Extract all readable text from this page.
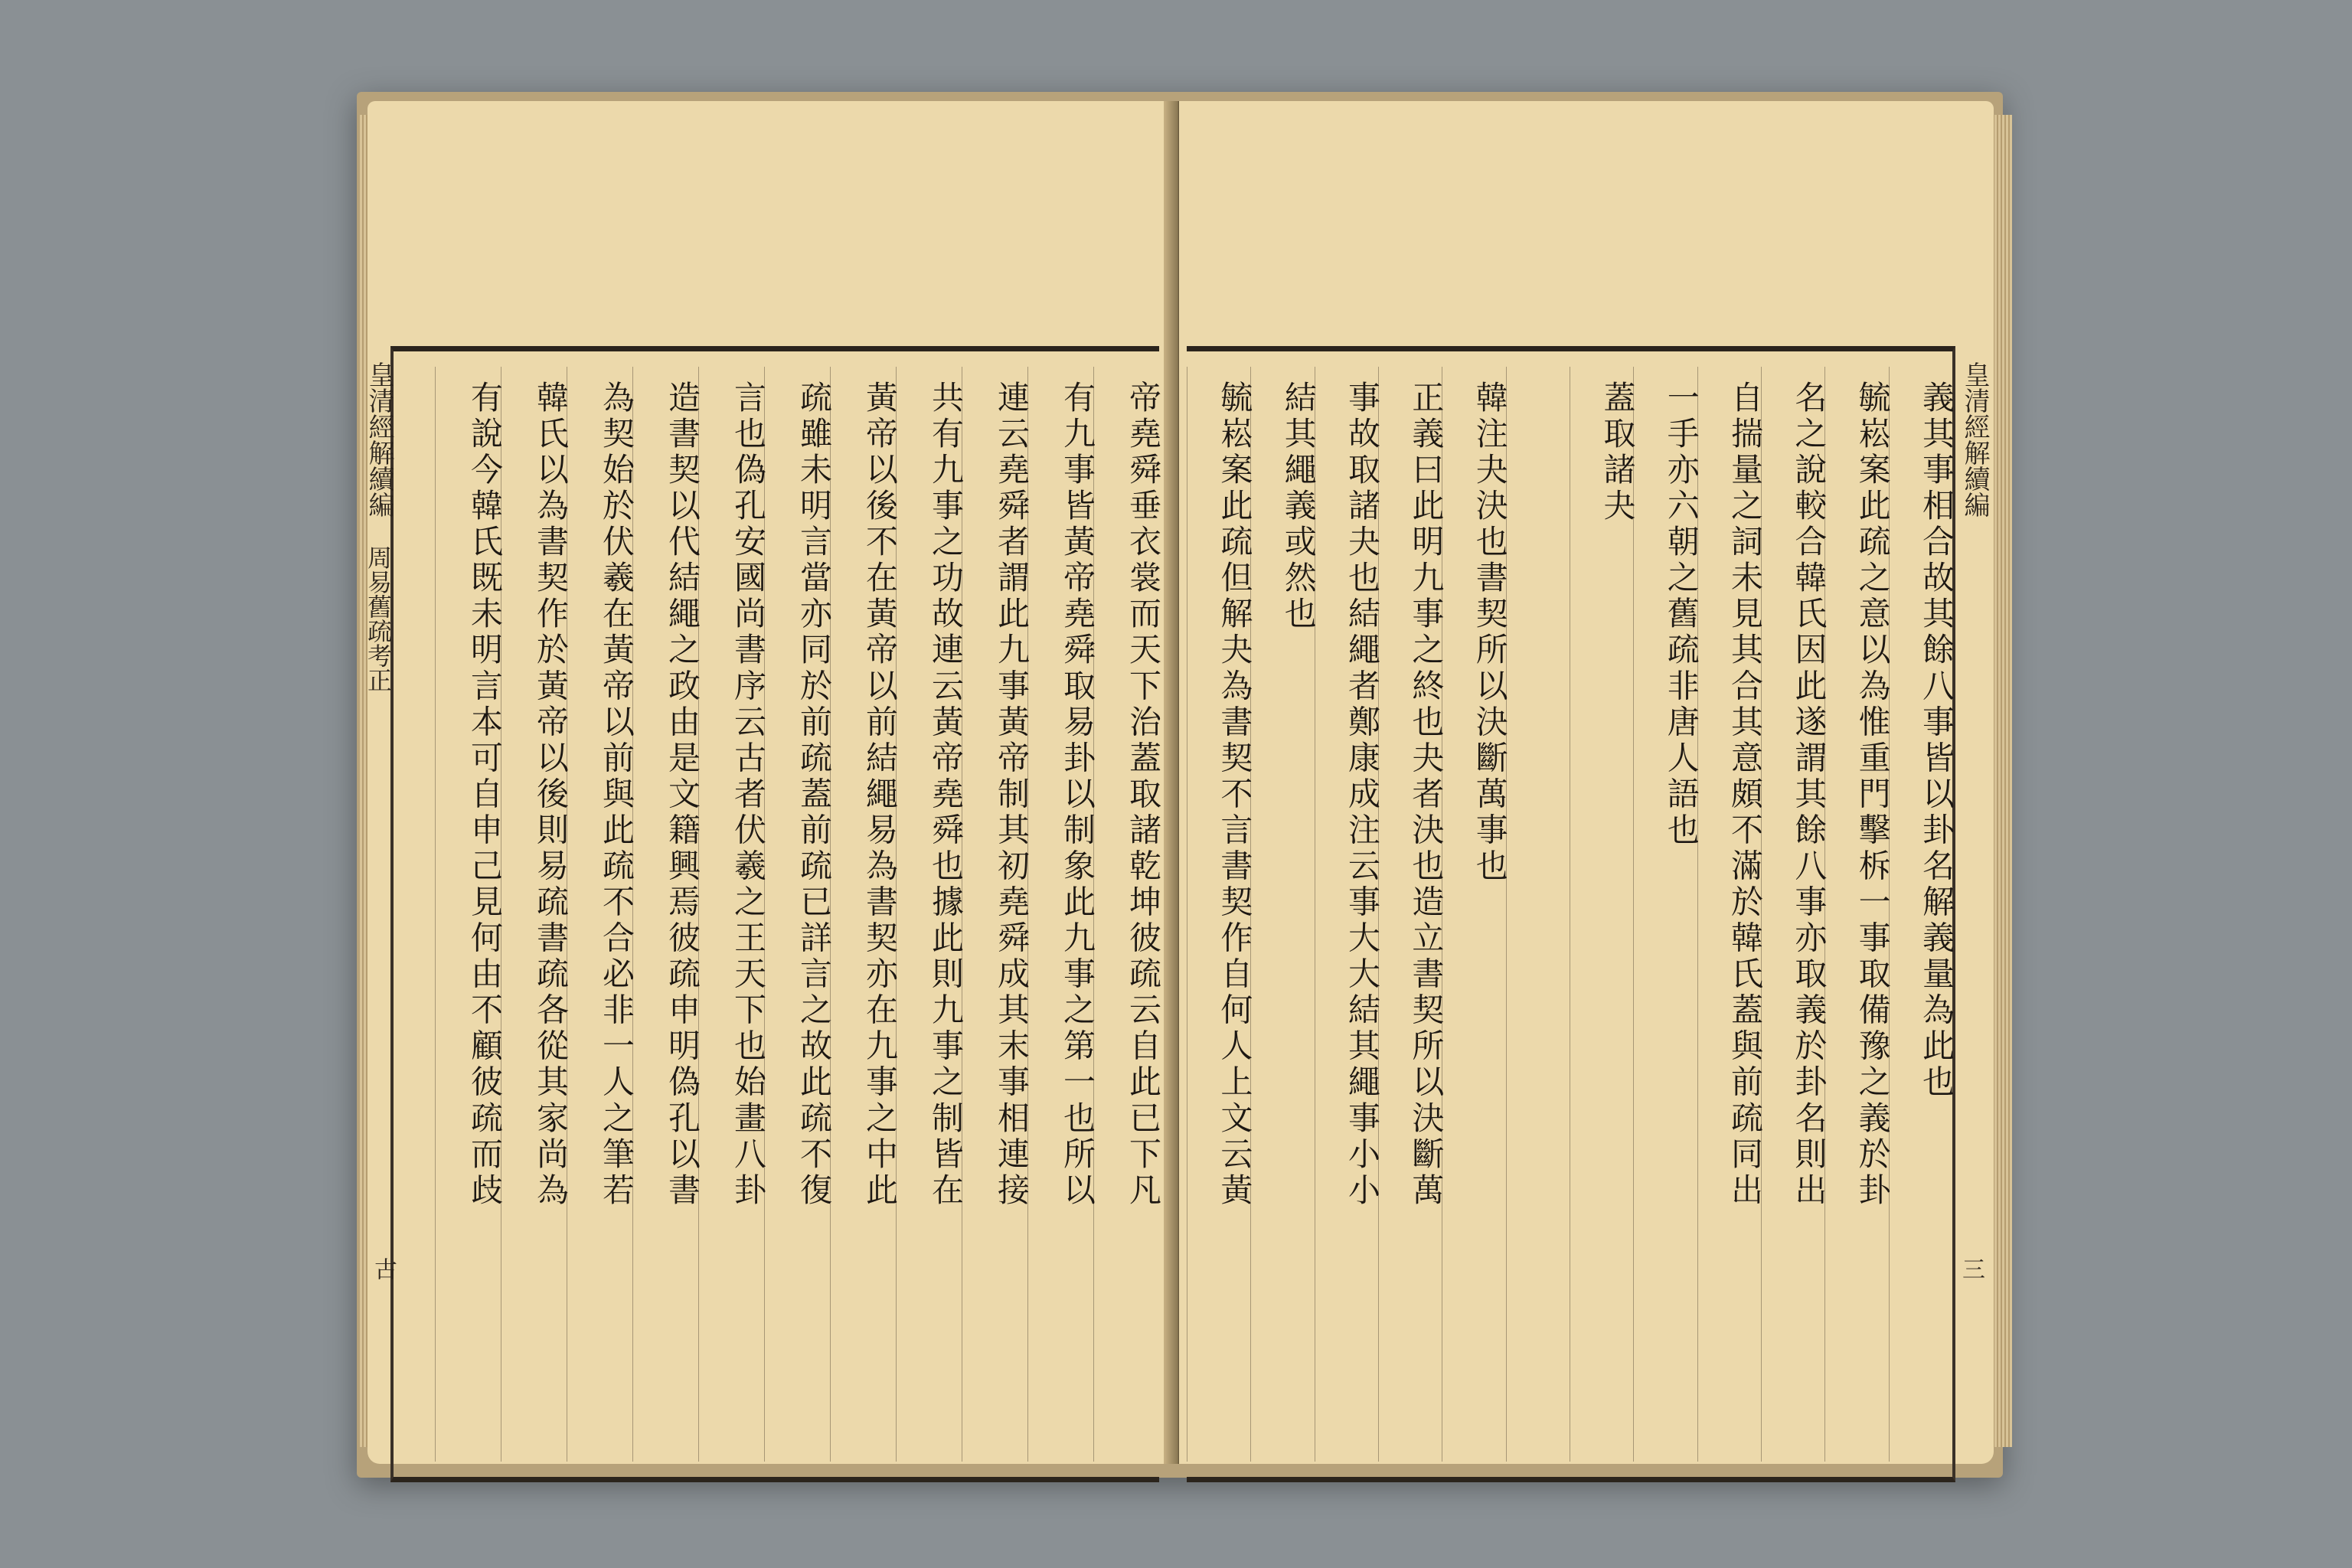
帝堯舜垂衣裳而天下治蓋取諸乾坤彼疏云自此已下凡
有九事皆黃帝堯舜取易卦以制象此九事之第一也所以
連云堯舜者謂此九事黃帝制其初堯舜成其末事相連接
共有九事之功故連云黃帝堯舜也據此則九事之制皆在
黃帝以後不在黃帝以前結繩易為書契亦在九事之中此
疏雖未明言當亦同於前疏蓋前疏已詳言之故此疏不復
言也偽孔安國尚書序云古者伏羲之王天下也始畫八卦
造書契以代結繩之政由是文籍興焉彼疏申明偽孔以書
為契始於伏羲在黃帝以前與此疏不合必非一人之筆若
韓氏以為書契作於黃帝以後則易疏書疏各從其家尚為
有說今韓氏既未明言本可自申己見何由不顧彼疏而歧
皇清經解續編
周易舊疏考正
古
義其事相合故其餘八事皆以卦名解義量為此也
毓崧案此疏之意以為惟重門擊柝一事取備豫之義於卦
名之說較合韓氏因此遂謂其餘八事亦取義於卦名則出
自揣量之詞未見其合其意頗不滿於韓氏蓋與前疏同出
一手亦六朝之舊疏非唐人語也
蓋取諸夬
韓注夬決也書契所以決斷萬事也
正義曰此明九事之終也夬者決也造立書契所以決斷萬
事故取諸夬也結繩者鄭康成注云事大大結其繩事小小
結其繩義或然也
毓崧案此疏但解夬為書契不言書契作自何人上文云黃	皇清經解續編
三
